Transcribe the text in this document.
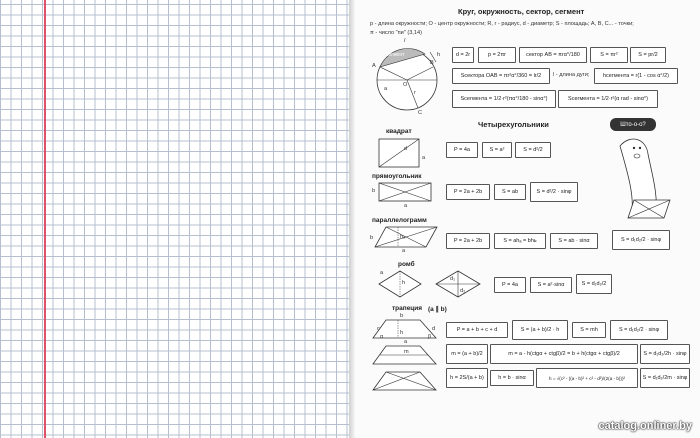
Круг, окружность, сектор, сегмент
p - длина окружности; O - центр окружности; R, r - радиус, d - диаметр; S - площадь; A, B, C... - точки;
π - число "пи" (3,14)
l
сегмент
A	B
h
O
r
C
a
d = 2r	p = 2πr	сектор AB = πrα°/180	S = πr²	S = pr/2
Sсектора OAB = πr²α°/360 = lr/2	l - длина дуги;	hсегмента = r(1 - cos α°/2)
Sсегмента = 1/2·r²(πα°/180 - sinα°)	Sсегмента = 1/2·r²(α rad - sinα°)
Четырехугольники
квадрат
d
a
P = 4a	S = a²	S = d²/2
Што-о-о?
прямоугольник
b
a
P = 2a + 2b	S = ab	S = d²/2 · sinφ
параллелограмм
b
a
hₐ
P = 2a + 2b	S = ahₐ = bhь	S = ab · sinα	S = d₁d₂/2 · sinφ
ромб
a
h
d₁
d₂
P = 4a	S = a²·sinα	S = d₁d₂/2
трапеция (a ∥ b)
b
a
c	d
m
h
α	β
P = a + b + c + d	S = (a + b)/2 · h	S = mh	S = d₁d₂/2 · sinφ
m = (a + b)/2	m = a - h(ctgα + ctgβ)/2 = b + h(ctgα + ctgβ)/2	S = d₁d₂/2h · sinφ
h = 2S/(a + b)	h = b · sinα	h = √(c² - ((a - b)² + c² - d²)/(2(a - b)))²	S = d₁d₂/2m · sinφ
catalog.onliner.by
